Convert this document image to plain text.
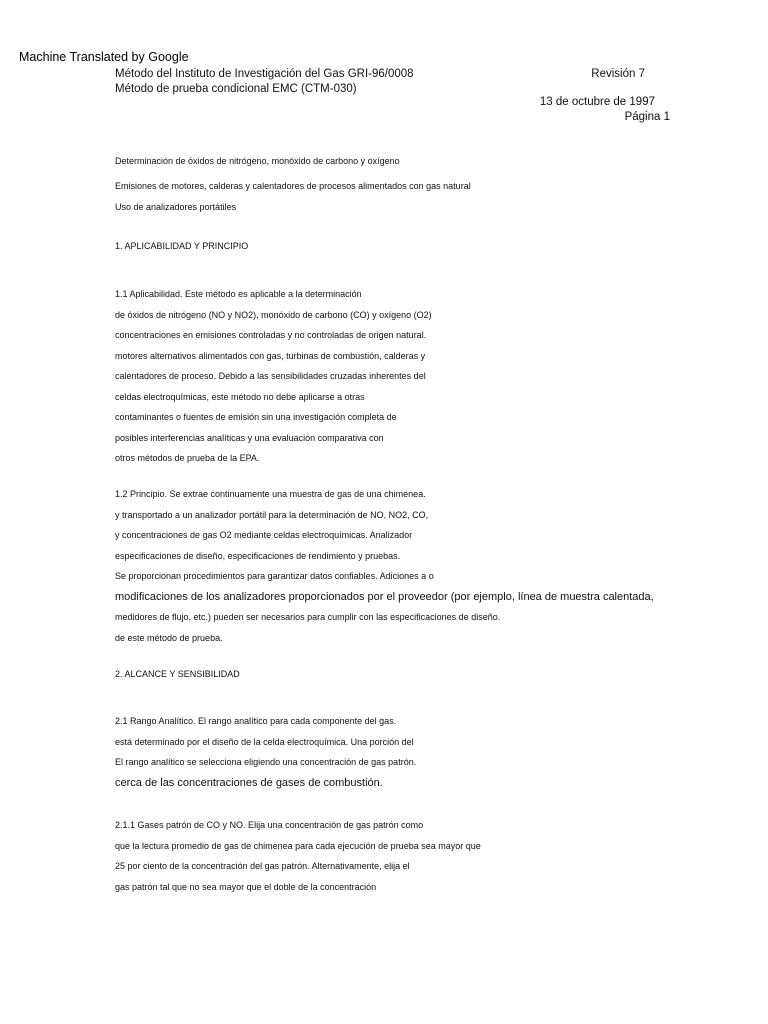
Machine Translated by Google
Método del Instituto de Investigación del Gas GRI-96/0008
Método de prueba condicional EMC (CTM-030)
Revisión 7
13 de octubre de 1997
Página 1
Determinación de óxidos de nitrógeno, monóxido de carbono y oxígeno
Emisiones de motores, calderas y calentadores de procesos alimentados con gas natural
Uso de analizadores portátiles
1. APLICABILIDAD Y PRINCIPIO
1.1 Aplicabilidad. Este método es aplicable a la determinación
de óxidos de nitrógeno (NO y NO2), monóxido de carbono (CO) y oxígeno (O2)
concentraciones en emisiones controladas y no controladas de origen natural.
motores alternativos alimentados con gas, turbinas de combustión, calderas y
calentadores de proceso. Debido a las sensibilidades cruzadas inherentes del
celdas electroquímicas, este método no debe aplicarse a otras
contaminantes o fuentes de emisión sin una investigación completa de
posibles interferencias analíticas y una evaluación comparativa con
otros métodos de prueba de la EPA.
1.2 Principio. Se extrae continuamente una muestra de gas de una chimenea.
y transportado a un analizador portátil para la determinación de NO, NO2, CO,
y concentraciones de gas O2 mediante celdas electroquímicas. Analizador
especificaciones de diseño, especificaciones de rendimiento y pruebas.
Se proporcionan procedimientos para garantizar datos confiables. Adiciones a o
modificaciones de los analizadores proporcionados por el proveedor (por ejemplo, línea de muestra calentada,
medidores de flujo, etc.) pueden ser necesarios para cumplir con las especificaciones de diseño.
de este método de prueba.
2. ALCANCE Y SENSIBILIDAD
2.1 Rango Analítico. El rango analítico para cada componente del gas.
está determinado por el diseño de la celda electroquímica. Una porción del
El rango analítico se selecciona eligiendo una concentración de gas patrón.
cerca de las concentraciones de gases de combustión.
2.1.1 Gases patrón de CO y NO. Elija una concentración de gas patrón como
que la lectura promedio de gas de chimenea para cada ejecución de prueba sea mayor que
25 por ciento de la concentración del gas patrón. Alternativamente, elija el
gas patrón tal que no sea mayor que el doble de la concentración
